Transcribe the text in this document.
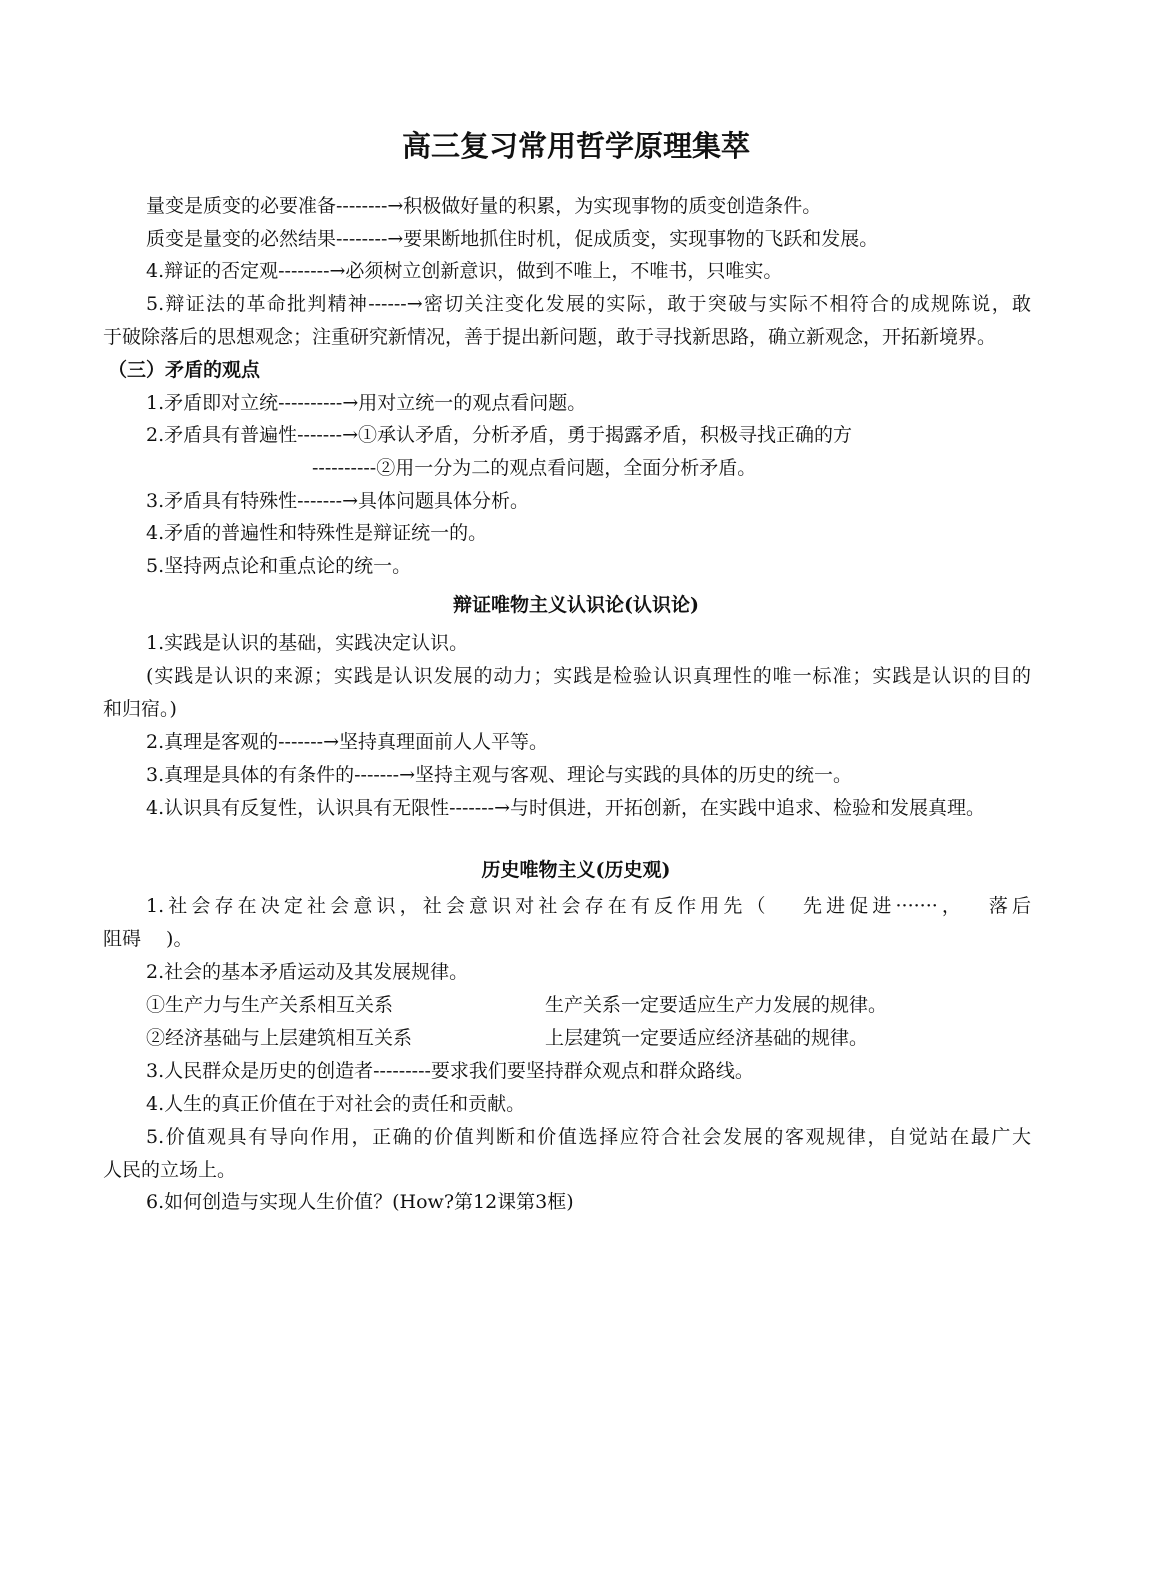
高三复习常用哲学原理集萃
量变是质变的必要准备--------→积极做好量的积累，为实现事物的质变创造条件。
质变是量变的必然结果--------→要果断地抓住时机，促成质变，实现事物的飞跃和发展。
4.辩证的否定观--------→必须树立创新意识，做到不唯上，不唯书，只唯实。
5.辩证法的革命批判精神------→密切关注变化发展的实际，敢于突破与实际不相符合的成规陈说，敢
于破除落后的思想观念；注重研究新情况，善于提出新问题，敢于寻找新思路，确立新观念，开拓新境界。
（三）矛盾的观点
1.矛盾即对立统----------→用对立统一的观点看问题。
2.矛盾具有普遍性-------→①承认矛盾，分析矛盾，勇于揭露矛盾，积极寻找正确的方
----------②用一分为二的观点看问题，全面分析矛盾。
3.矛盾具有特殊性-------→具体问题具体分析。
4.矛盾的普遍性和特殊性是辩证统一的。
5.坚持两点论和重点论的统一。
辩证唯物主义认识论(认识论)
1.实践是认识的基础，实践决定认识。
(实践是认识的来源；实践是认识发展的动力；实践是检验认识真理性的唯一标准；实践是认识的目的
和归宿。)
2.真理是客观的-------→坚持真理面前人人平等。
3.真理是具体的有条件的-------→坚持主观与客观、理论与实践的具体的历史的统一。
4.认识具有反复性，认识具有无限性-------→与时俱进，开拓创新，在实践中追求、检验和发展真理。
历史唯物主义(历史观)
1.社会存在决定社会意识，社会意识对社会存在有反作用先（　 先进促进·······，　 落后
阻碍　 )。
2.社会的基本矛盾运动及其发展规律。
①生产力与生产关系相互关系	生产关系一定要适应生产力发展的规律。
②经济基础与上层建筑相互关系	上层建筑一定要适应经济基础的规律。
3.人民群众是历史的创造者---------要求我们要坚持群众观点和群众路线。
4.人生的真正价值在于对社会的责任和贡献。
5.价值观具有导向作用，正确的价值判断和价值选择应符合社会发展的客观规律，自觉站在最广大
人民的立场上。
6.如何创造与实现人生价值？(How?第12课第3框)
